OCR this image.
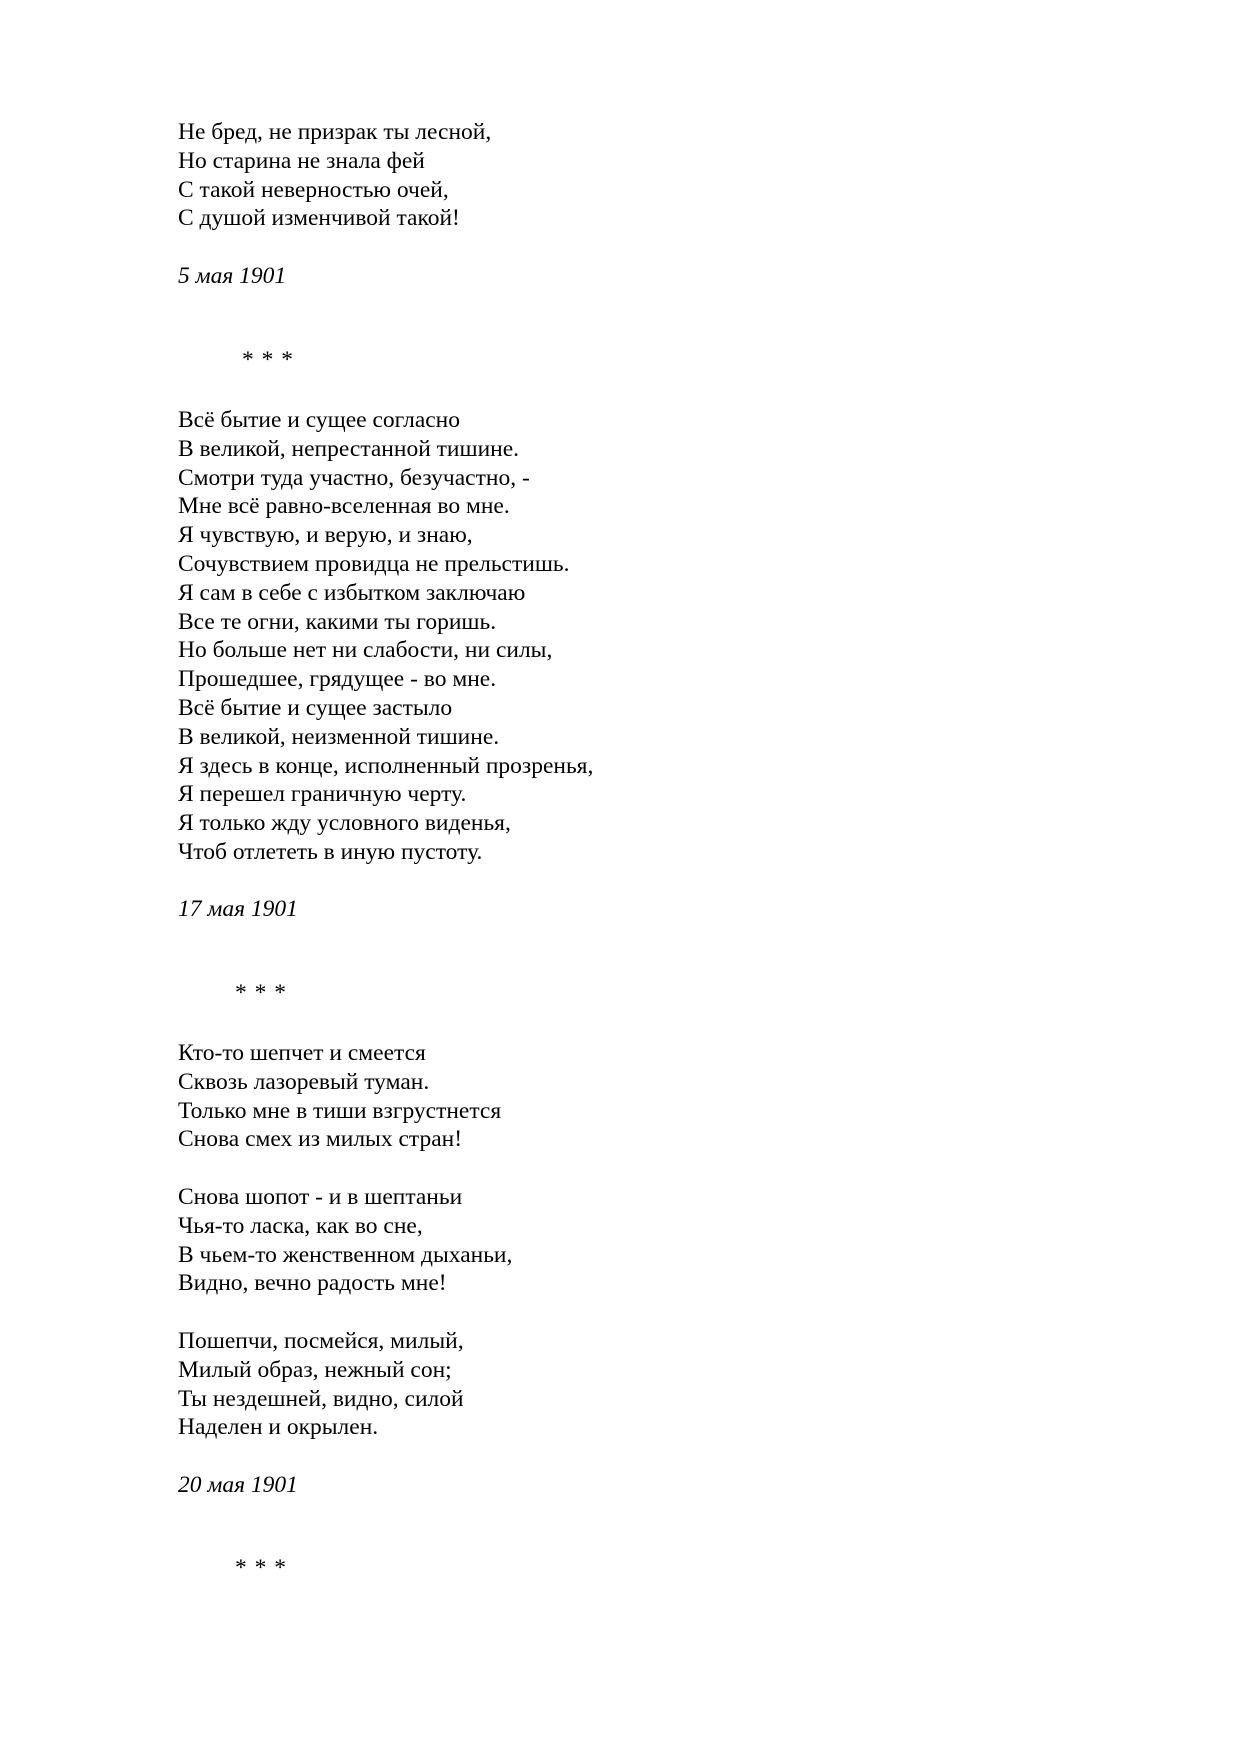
Не бред, не призрак ты лесной,
Но старина не знала фей
С такой неверностью очей,
С душой изменчивой такой!
5 мая 1901
* * *
Всё бытие и сущее согласно
В великой, непрестанной тишине.
Смотри туда участно, безучастно, -
Мне всё равно-вселенная во мне.
Я чувствую, и верую, и знаю,
Сочувствием провидца не прельстишь.
Я сам в себе с избытком заключаю
Все те огни, какими ты горишь.
Но больше нет ни слабости, ни силы,
Прошедшее, грядущее - во мне.
Всё бытие и сущее застыло
В великой, неизменной тишине.
Я здесь в конце, исполненный прозренья,
Я перешел граничную черту.
Я только жду условного виденья,
Чтоб отлететь в иную пустоту.
17 мая 1901
* * *
Кто-то шепчет и смеется
Сквозь лазоревый туман.
Только мне в тиши взгрустнется
Снова смех из милых стран!
Снова шопот - и в шептаньи
Чья-то ласка, как во сне,
В чьем-то женственном дыханьи,
Видно, вечно радость мне!
Пошепчи, посмейся, милый,
Милый образ, нежный сон;
Ты нездешней, видно, силой
Наделен и окрылен.
20 мая 1901
* * *
